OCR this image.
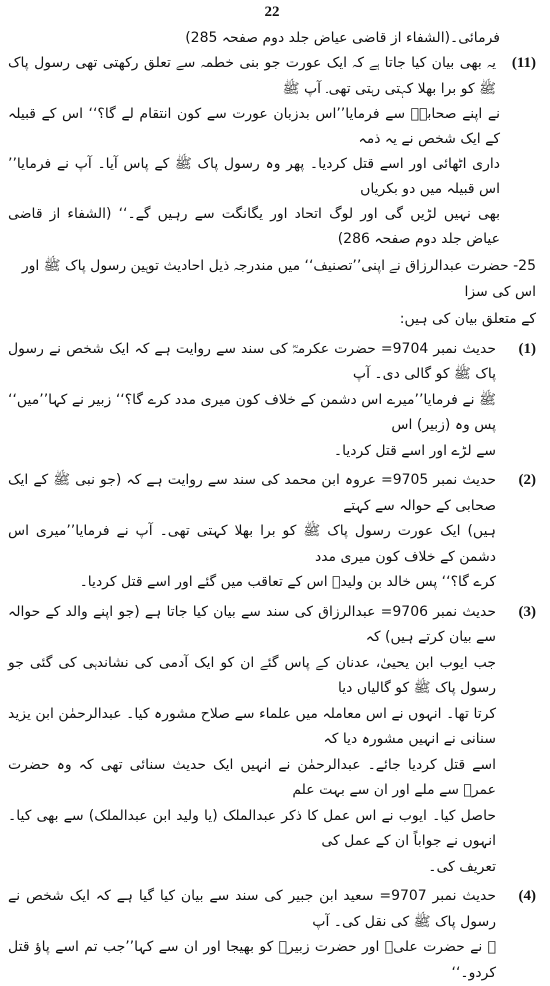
22

فرمائی۔(الشفاء از قاضی عیاض جلد دوم صفحہ 285)

(11)

یہ بھی بیان کیا جاتا ہے کہ ایک عورت جو بنی خطمہ سے تعلق رکھتی تھی رسول پاک ﷺ کو برا بھلا کہتی رہتی تھی۔ آپ ﷺ

نے اپنے صحابہؓ سے فرمایا’’اس بدزبان عورت سے کون انتقام لے گا؟‘‘ اس کے قبیلہ کے ایک شخص نے یہ ذمہ

داری اٹھائی اور اسے قتل کردیا۔ پھر وہ رسول پاک ﷺ کے پاس آیا۔ آپ نے فرمایا’’ اس قبیلہ میں دو بکریاں

بھی نہیں لڑیں گی اور لوگ اتحاد اور یگانگت سے رہیں گے۔‘‘ (الشفاء از قاضی عیاض جلد دوم صفحہ 286)

25- حضرت عبدالرزاق نے اپنی’’تصنیف‘‘ میں مندرجہ ذیل احادیث توہین رسول پاک ﷺ اور اس کی سزا

کے متعلق بیان کی ہیں:

(1)

حدیث نمبر 9704= حضرت عکرمہؓ کی سند سے روایت ہے کہ ایک شخص نے رسول پاک ﷺ کو گالی دی۔ آپ

ﷺ نے فرمایا’’میرے اس دشمن کے خلاف کون میری مدد کرے گا؟‘‘ زبیر نے کہا’’میں‘‘ پس وہ (زبیر) اس

سے لڑے اور اسے قتل کردیا۔

(2)

حدیث نمبر 9705= عروہ ابن محمد کی سند سے روایت ہے کہ (جو نبی ﷺ کے ایک صحابی کے حوالہ سے کہتے

ہیں) ایک عورت رسول پاک ﷺ کو برا بھلا کہتی تھی۔ آپ نے فرمایا’’میری اس دشمن کے خلاف کون میری مدد

کرے گا؟‘‘ پس خالد بن ولیدؓ اس کے تعاقب میں گئے اور اسے قتل کردیا۔

(3)

حدیث نمبر 9706= عبدالرزاق کی سند سے بیان کیا جاتا ہے (جو اپنے والد کے حوالہ سے بیان کرتے ہیں) کہ

جب ایوب ابن یحییٰ، عدنان کے پاس گئے ان کو ایک آدمی کی نشاندہی کی گئی جو رسول پاک ﷺ کو گالیاں دیا

کرتا تھا۔ انہوں نے اس معاملہ میں علماء سے صلاح مشورہ کیا۔ عبدالرحمٰن ابن یزید سنانی نے انہیں مشورہ دیا کہ

اسے قتل کردیا جائے۔ عبدالرحمٰن نے انہیں ایک حدیث سنائی تھی کہ وہ حضرت عمرؓ سے ملے اور ان سے بہت علم

حاصل کیا۔ ایوب نے اس عمل کا ذکر عبدالملک (یا ولید ابن عبدالملک) سے بھی کیا۔ انہوں نے جواباً ان کے عمل کی

تعریف کی۔

(4)

حدیث نمبر 9707= سعید ابن جبیر کی سند سے بیان کیا گیا ہے کہ ایک شخص نے رسول پاک ﷺ کی نقل کی۔ آپ

ﷺ نے حضرت علیؓ اور حضرت زبیرؓ کو بھیجا اور ان سے کہا’’جب تم اسے پاؤ قتل کردو۔‘‘
